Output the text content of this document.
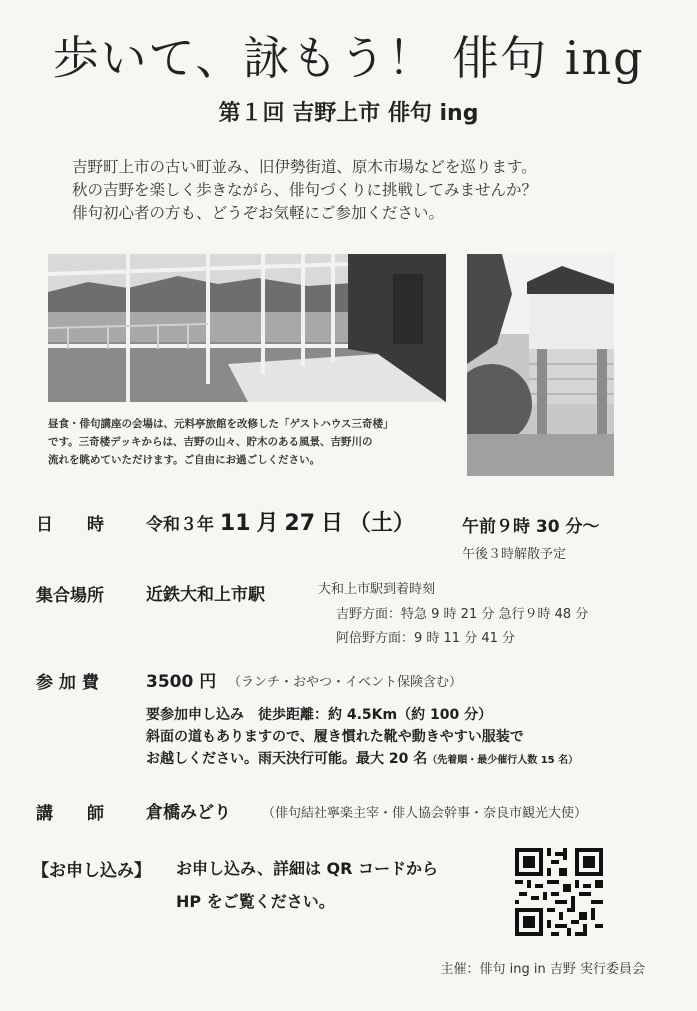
歩いて、詠もう！ 俳句 ing
第１回 吉野上市 俳句 ing
吉野町上市の古い町並み、旧伊勢街道、原木市場などを巡ります。
秋の吉野を楽しく歩きながら、俳句づくりに挑戦してみませんか？
俳句初心者の方も、どうぞお気軽にご参加ください。
昼食・俳句講座の会場は、元料亭旅館を改修した「ゲストハウス三奇楼」
です。三奇楼デッキからは、吉野の山々、貯木のある風景、吉野川の
流れを眺めていただけます。ご自由にお過ごしください。
日　　時 令和３年 11 月 27 日 （土）	午前９時 30 分〜
午後３時解散予定
集合場所 近鉄大和上市駅	大和上市駅到着時刻
吉野方面：特急 9 時 21 分 急行９時 48 分
阿倍野方面：9 時 11 分 41 分
参 加 費	3500 円 （ランチ・おやつ・イベント保険含む）
要参加申し込み　徒歩距離：約 4.5Km（約 100 分）
斜面の道もありますので、履き慣れた靴や動きやすい服装で
お越しください。雨天決行可能。最大 20 名（先着順・最少催行人数 15 名）
講　　師 倉橋みどり （俳句結社寧楽主宰・俳人協会幹事・奈良市観光大使）
【お申し込み】 お申し込み、詳細は QR コードから
HP をご覧ください。
主催：俳句 ing in 吉野 実行委員会
